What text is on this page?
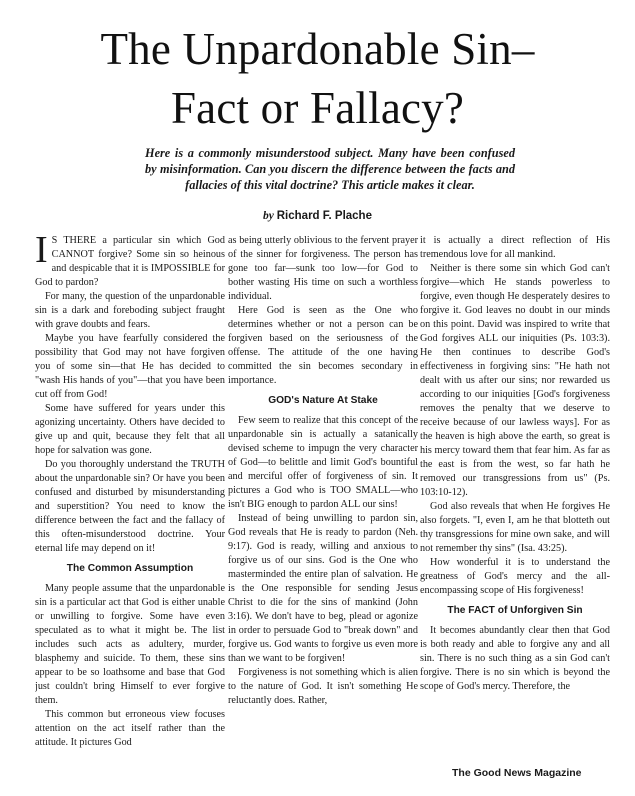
The Unpardonable Sin–
Fact or Fallacy?

Here is a commonly misunderstood subject. Many have been confused by misinformation. Can you discern the difference between the facts and fallacies of this vital doctrine? This article makes it clear.

by Richard F. Plache

I S THERE a particular sin which God CANNOT forgive? Some sin so heinous and despicable that it is IMPOSSIBLE for God to pardon?

For many, the question of the unpardonable sin is a dark and foreboding subject fraught with grave doubts and fears.

Maybe you have fearfully considered the possibility that God may not have forgiven you of some sin—that He has decided to "wash His hands of you"—that you have been cut off from God!

Some have suffered for years under this agonizing uncertainty. Others have decided to give up and quit, because they felt that all hope for salvation was gone.

Do you thoroughly understand the TRUTH about the unpardonable sin? Or have you been confused and disturbed by misunderstanding and superstition? You need to know the difference between the fact and the fallacy of this often-misunderstood doctrine. Your eternal life may depend on it!

The Common Assumption

Many people assume that the unpardonable sin is a particular act that God is either unable or unwilling to forgive. Some have even speculated as to what it might be. The list includes such acts as adultery, murder, blasphemy and suicide. To them, these sins appear to be so loathsome and base that God just couldn't bring Himself to ever forgive them.

This common but erroneous view focuses attention on the act itself rather than the attitude. It pictures God

as being utterly oblivious to the fervent prayer of the sinner for forgiveness. The person has gone too far—sunk too low—for God to bother wasting His time on such a worthless individual.

Here God is seen as the One who determines whether or not a person can be forgiven based on the seriousness of the offense. The attitude of the one having committed the sin becomes secondary in importance.

GOD's Nature At Stake

Few seem to realize that this concept of the unpardonable sin is actually a satanically devised scheme to impugn the very character of God—to belittle and limit God's bountiful and merciful offer of forgiveness of sin. It pictures a God who is TOO SMALL—who isn't BIG enough to pardon ALL our sins!

Instead of being unwilling to pardon sin, God reveals that He is ready to pardon (Neh. 9:17). God is ready, willing and anxious to forgive us of our sins. God is the One who masterminded the entire plan of salvation. He is the One responsible for sending Jesus Christ to die for the sins of mankind (John 3:16). We don't have to beg, plead or agonize in order to persuade God to "break down" and forgive us. God wants to forgive us even more than we want to be forgiven!

Forgiveness is not something which is alien to the nature of God. It isn't something He reluctantly does. Rather,

it is actually a direct reflection of His tremendous love for all mankind.

Neither is there some sin which God can't forgive—which He stands powerless to forgive, even though He desperately desires to forgive it. God leaves no doubt in our minds on this point. David was inspired to write that God forgives ALL our iniquities (Ps. 103:3). He then continues to describe God's effectiveness in forgiving sins: "He hath not dealt with us after our sins; nor rewarded us according to our iniquities [God's forgiveness removes the penalty that we deserve to receive because of our lawless ways]. For as the heaven is high above the earth, so great is his mercy toward them that fear him. As far as the east is from the west, so far hath he removed our transgressions from us" (Ps. 103:10-12).

God also reveals that when He forgives He also forgets. "I, even I, am he that blotteth out thy transgressions for mine own sake, and will not remember thy sins" (Isa. 43:25).

How wonderful it is to understand the greatness of God's mercy and the all-encompassing scope of His forgiveness!

The FACT of Unforgiven Sin

It becomes abundantly clear then that God is both ready and able to forgive any and all sin. There is no such thing as a sin God can't forgive. There is no sin which is beyond the scope of God's mercy. Therefore, the

The Good News Magazine
